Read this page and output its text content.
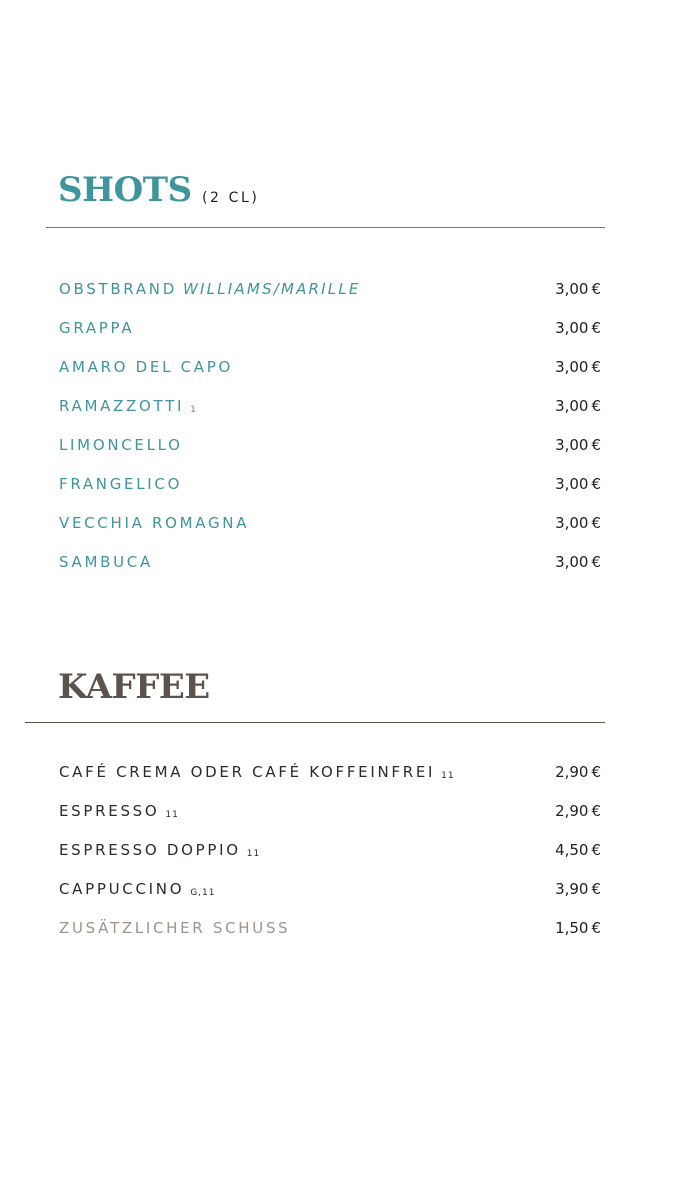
SHOTS (2 CL)
OBSTBRAND WILLIAMS/MARILLE	3,00 €
GRAPPA	3,00 €
AMARO DEL CAPO	3,00 €
RAMAZZOTTI 1	3,00 €
LIMONCELLO	3,00 €
FRANGELICO	3,00 €
VECCHIA ROMAGNA	3,00 €
SAMBUCA	3,00 €
KAFFEE
CAFÉ CREMA ODER CAFÉ KOFFEINFREI 11	2,90 €
ESPRESSO 11	2,90 €
ESPRESSO DOPPIO 11	4,50 €
CAPPUCCINO G,11	3,90 €
ZUSÄTZLICHER SCHUSS	1,50 €
